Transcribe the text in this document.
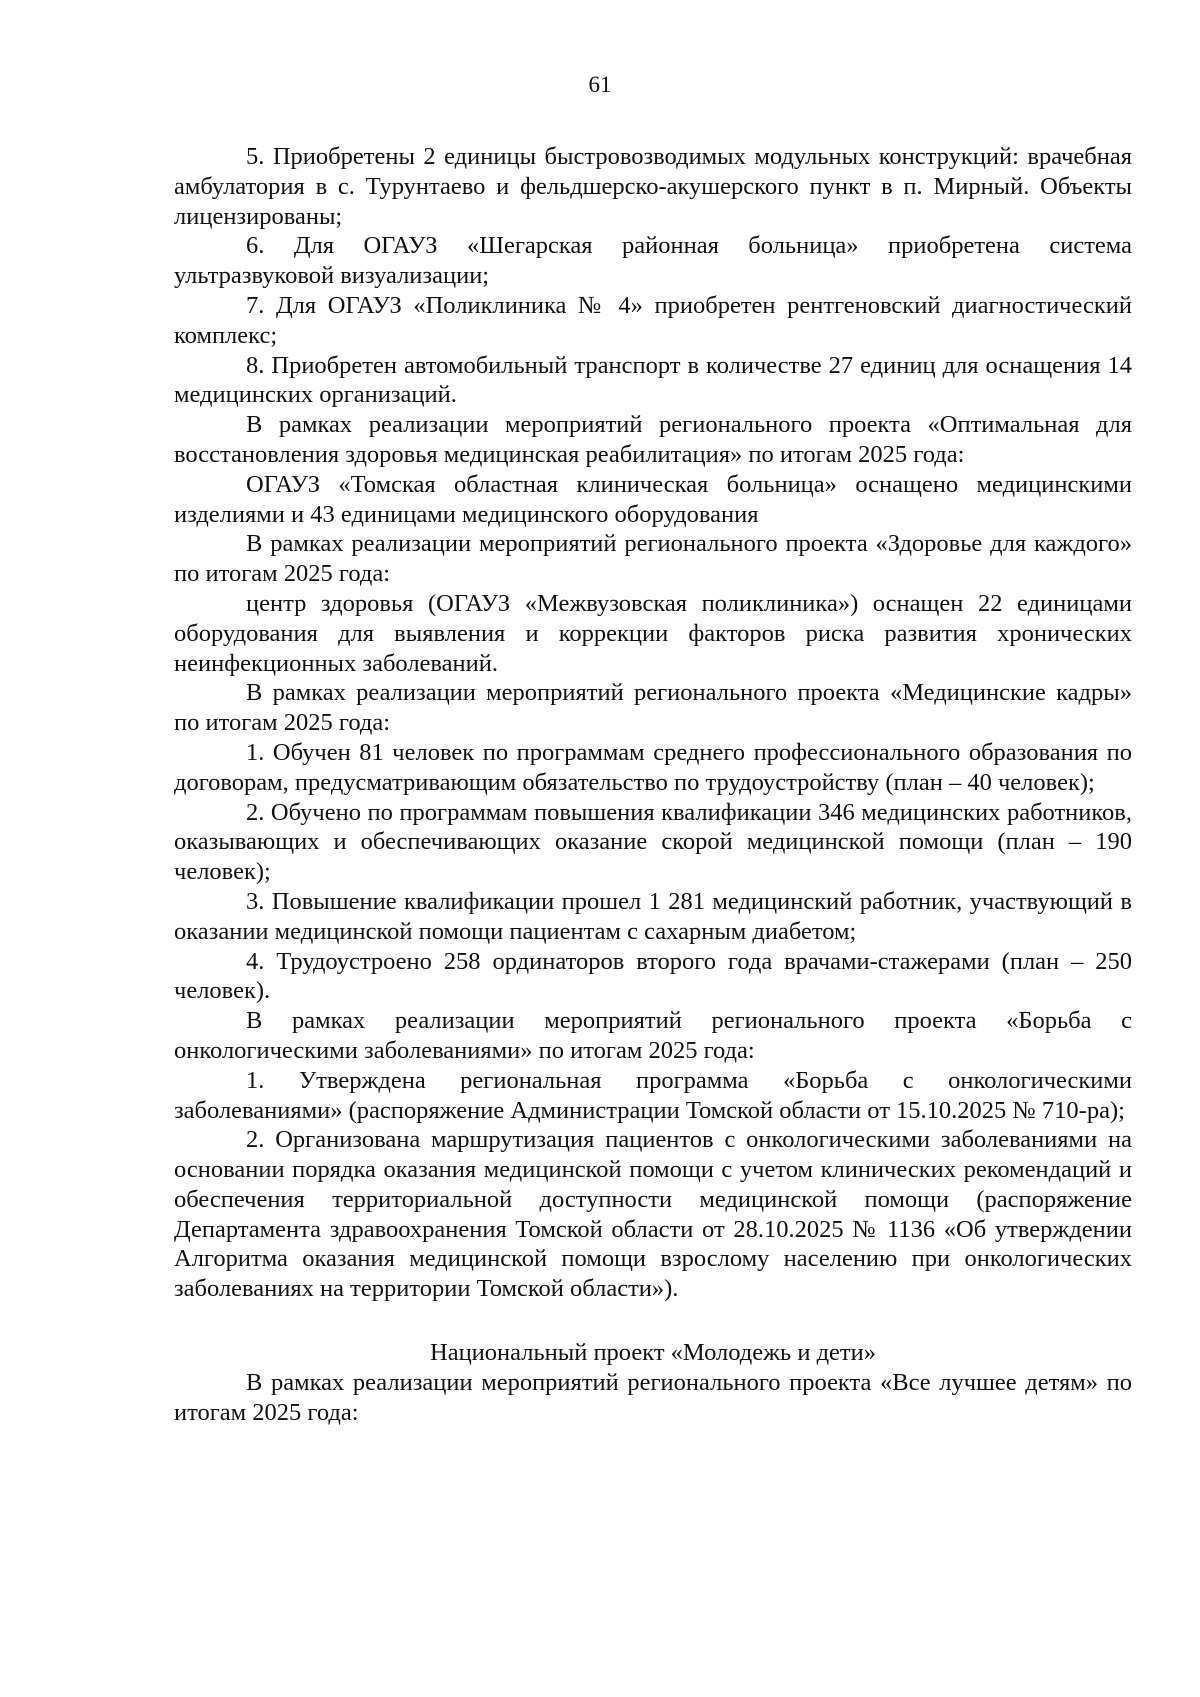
61

5. Приобретены 2 единицы быстровозводимых модульных конструкций: врачебная амбулатория в с. Турунтаево и фельдшерско-акушерского пункт в п. Мирный. Объекты лицензированы;

6. Для ОГАУЗ «Шегарская районная больница» приобретена система ультразвуковой визуализации;

7. Для ОГАУЗ «Поликлиника № 4» приобретен рентгеновский диагностический комплекс;

8. Приобретен автомобильный транспорт в количестве 27 единиц для оснащения 14 медицинских организаций.

В рамках реализации мероприятий регионального проекта «Оптимальная для восстановления здоровья медицинская реабилитация» по итогам 2025 года:

ОГАУЗ «Томская областная клиническая больница» оснащено медицинскими изделиями и 43 единицами медицинского оборудования

В рамках реализации мероприятий регионального проекта «Здоровье для каждого» по итогам 2025 года:

центр здоровья (ОГАУЗ «Межвузовская поликлиника») оснащен 22 единицами оборудования для выявления и коррекции факторов риска развития хронических неинфекционных заболеваний.

В рамках реализации мероприятий регионального проекта «Медицинские кадры» по итогам 2025 года:

1. Обучен 81 человек по программам среднего профессионального образования по договорам, предусматривающим обязательство по трудоустройству (план – 40 человек);

2. Обучено по программам повышения квалификации 346 медицинских работников, оказывающих и обеспечивающих оказание скорой медицинской помощи (план – 190 человек);

3. Повышение квалификации прошел 1 281 медицинский работник, участвующий в оказании медицинской помощи пациентам с сахарным диабетом;

4. Трудоустроено 258 ординаторов второго года врачами-стажерами (план – 250 человек).

В рамках реализации мероприятий регионального проекта «Борьба с онкологическими заболеваниями» по итогам 2025 года:

1. Утверждена региональная программа «Борьба с онкологическими заболеваниями» (распоряжение Администрации Томской области от 15.10.2025 № 710-ра);

2. Организована маршрутизация пациентов с онкологическими заболеваниями на основании порядка оказания медицинской помощи с учетом клинических рекомендаций и обеспечения территориальной доступности медицинской помощи (распоряжение Департамента здравоохранения Томской области от 28.10.2025 № 1136 «Об утверждении Алгоритма оказания медицинской помощи взрослому населению при онкологических заболеваниях на территории Томской области»).

Национальный проект «Молодежь и дети»

В рамках реализации мероприятий регионального проекта «Все лучшее детям» по итогам 2025 года:
